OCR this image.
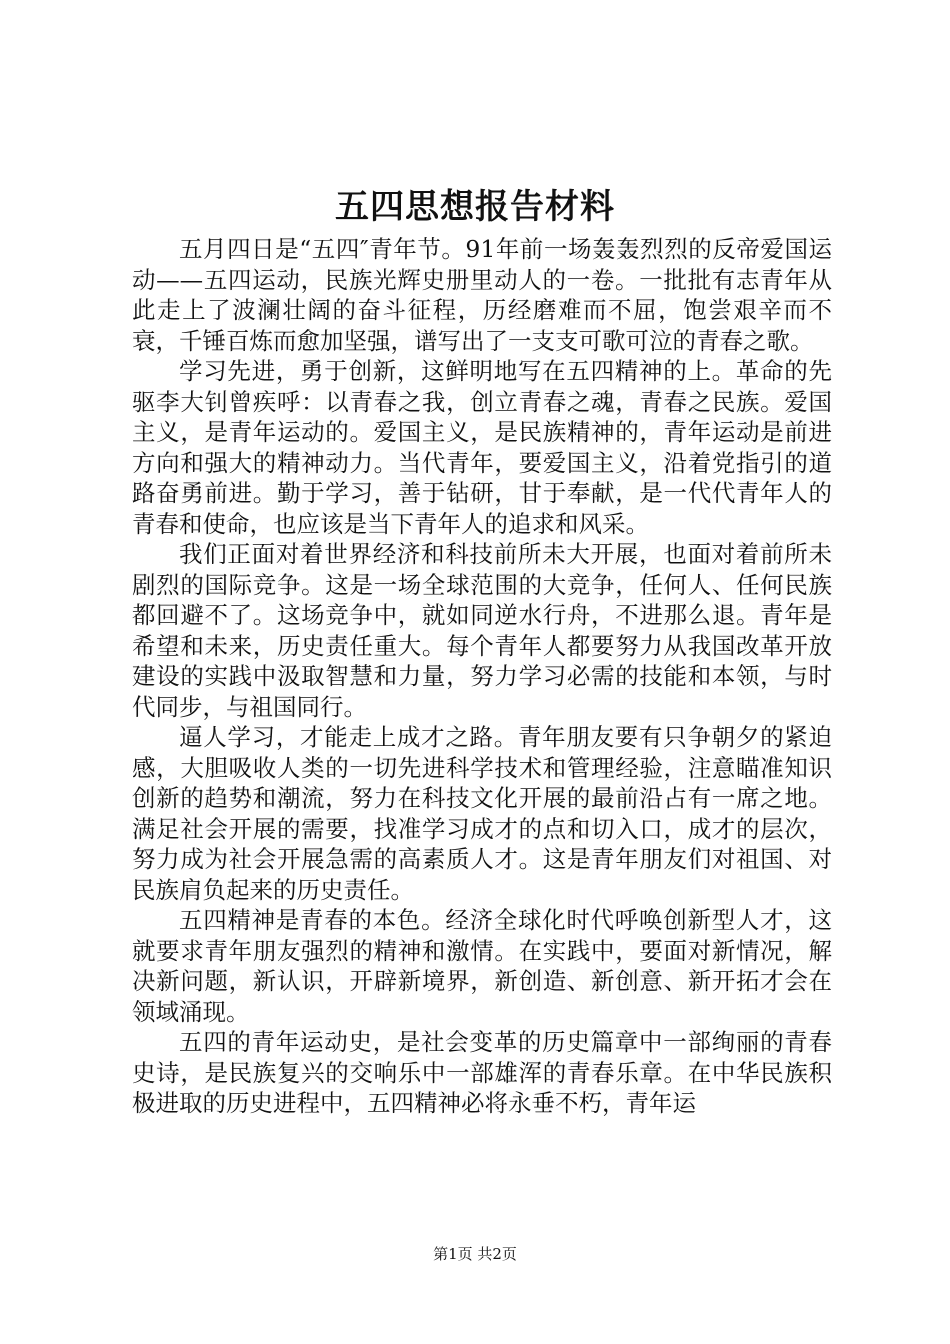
五四思想报告材料

五月四日是“五四″青年节。91年前一场轰轰烈烈的反帝爱国运动——五四运动，民族光辉史册里动人的一卷。一批批有志青年从此走上了波澜壮阔的奋斗征程，历经磨难而不屈，饱尝艰辛而不衰，千锤百炼而愈加坚强，谱写出了一支支可歌可泣的青春之歌。

学习先进，勇于创新，这鲜明地写在五四精神的上。革命的先驱李大钊曾疾呼：以青春之我，创立青春之魂，青春之民族。爱国主义，是青年运动的。爱国主义，是民族精神的，青年运动是前进方向和强大的精神动力。当代青年，要爱国主义，沿着党指引的道路奋勇前进。勤于学习，善于钻研，甘于奉献，是一代代青年人的青春和使命，也应该是当下青年人的追求和风采。

我们正面对着世界经济和科技前所未大开展，也面对着前所未剧烈的国际竞争。这是一场全球范围的大竞争，任何人、任何民族都回避不了。这场竞争中，就如同逆水行舟，不进那么退。青年是希望和未来，历史责任重大。每个青年人都要努力从我国改革开放建设的实践中汲取智慧和力量，努力学习必需的技能和本领，与时代同步，与祖国同行。

逼人学习，才能走上成才之路。青年朋友要有只争朝夕的紧迫感，大胆吸收人类的一切先进科学技术和管理经验，注意瞄准知识创新的趋势和潮流，努力在科技文化开展的最前沿占有一席之地。满足社会开展的需要，找准学习成才的点和切入口，成才的层次，努力成为社会开展急需的高素质人才。这是青年朋友们对祖国、对民族肩负起来的历史责任。

五四精神是青春的本色。经济全球化时代呼唤创新型人才，这就要求青年朋友强烈的精神和激情。在实践中，要面对新情况，解决新问题，新认识，开辟新境界，新创造、新创意、新开拓才会在领域涌现。

五四的青年运动史，是社会变革的历史篇章中一部绚丽的青春史诗，是民族复兴的交响乐中一部雄浑的青春乐章。在中华民族积极进取的历史进程中，五四精神必将永垂不朽，青年运

第1页 共2页
